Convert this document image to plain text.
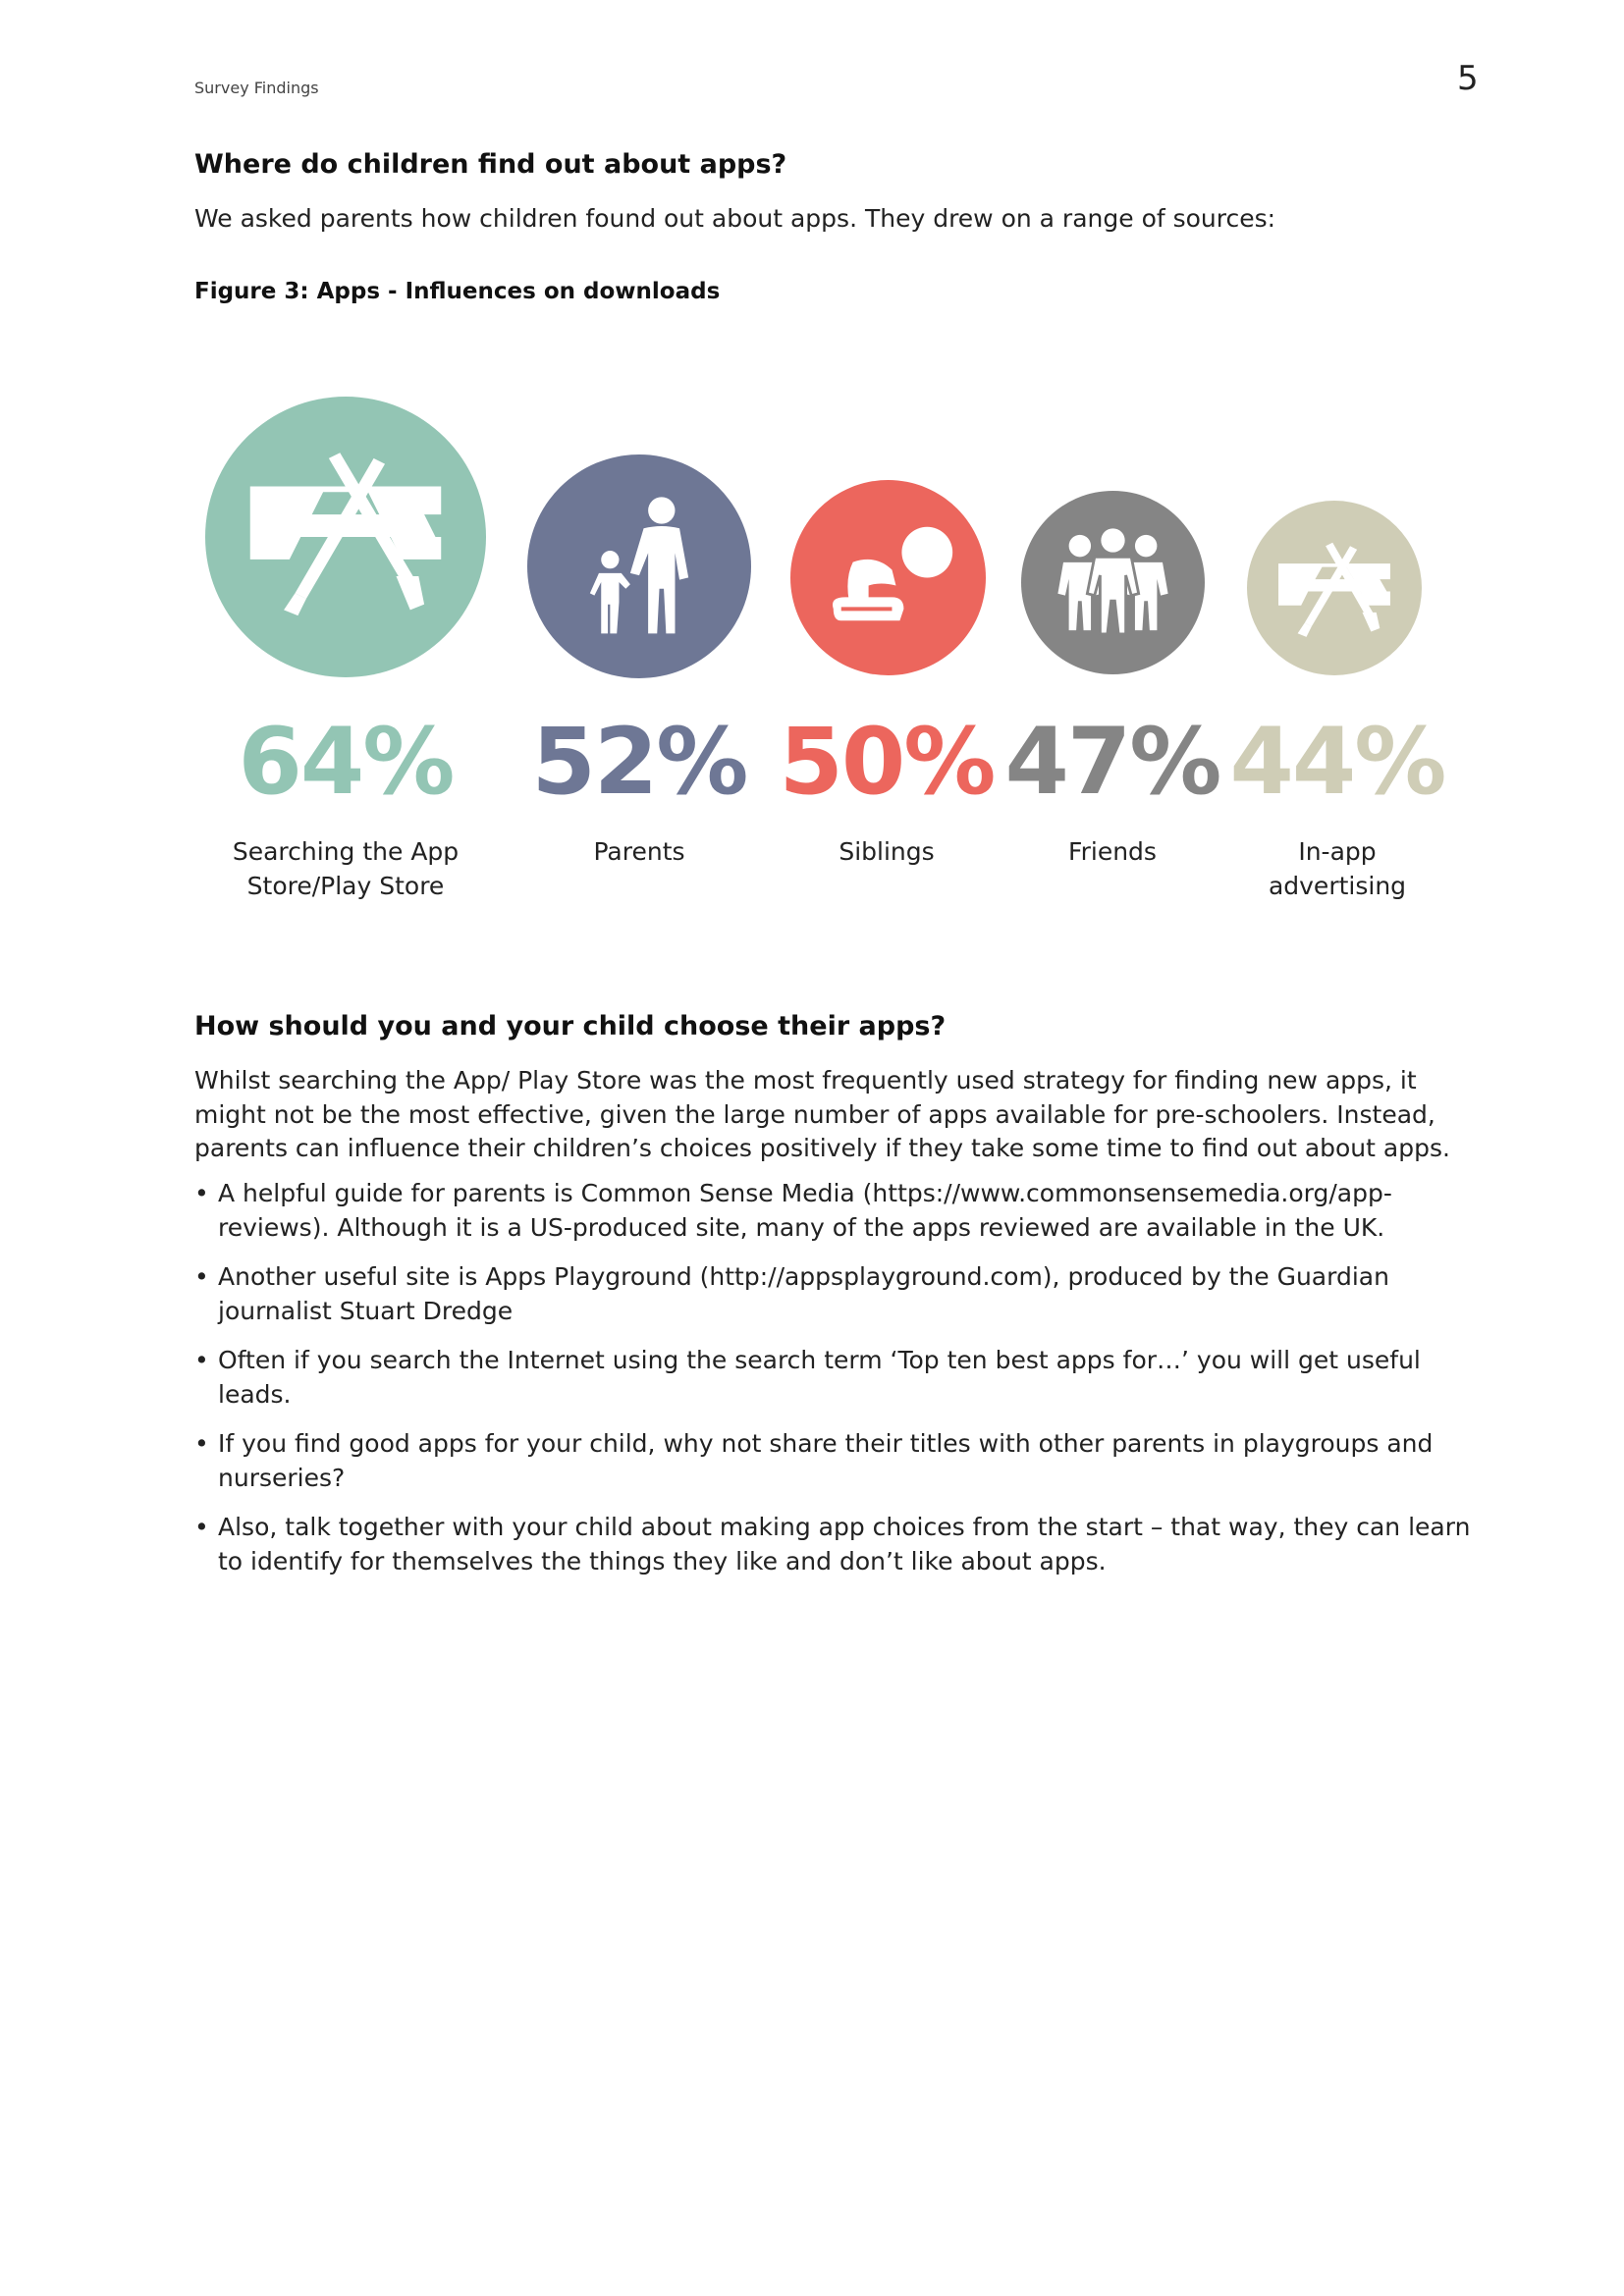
Survey Findings	5
Where do children find out about apps?

We asked parents how children found out about apps. They drew on a range of sources:

Figure 3: Apps - Influences on downloads

64% 52% 50% 47% 44%
Searching the App
Store/Play Store
Parents	Siblings	Friends	In-app
advertising
How should you and your child choose their apps?

Whilst searching the App/ Play Store was the most frequently used strategy for finding new apps, it might not be the most effective, given the large number of apps available for pre-schoolers. Instead, parents can influence their children’s choices positively if they take some time to find out about apps.

• A helpful guide for parents is Common Sense Media (https://www.commonsensemedia.org/app-reviews). Although it is a US-produced site, many of the apps reviewed are available in the UK.
• Another useful site is Apps Playground (http://appsplayground.com), produced by the Guardian journalist Stuart Dredge
• Often if you search the Internet using the search term ‘Top ten best apps for…’ you will get useful leads.
• If you find good apps for your child, why not share their titles with other parents in playgroups and nurseries?
• Also, talk together with your child about making app choices from the start – that way, they can learn to identify for themselves the things they like and don’t like about apps.
